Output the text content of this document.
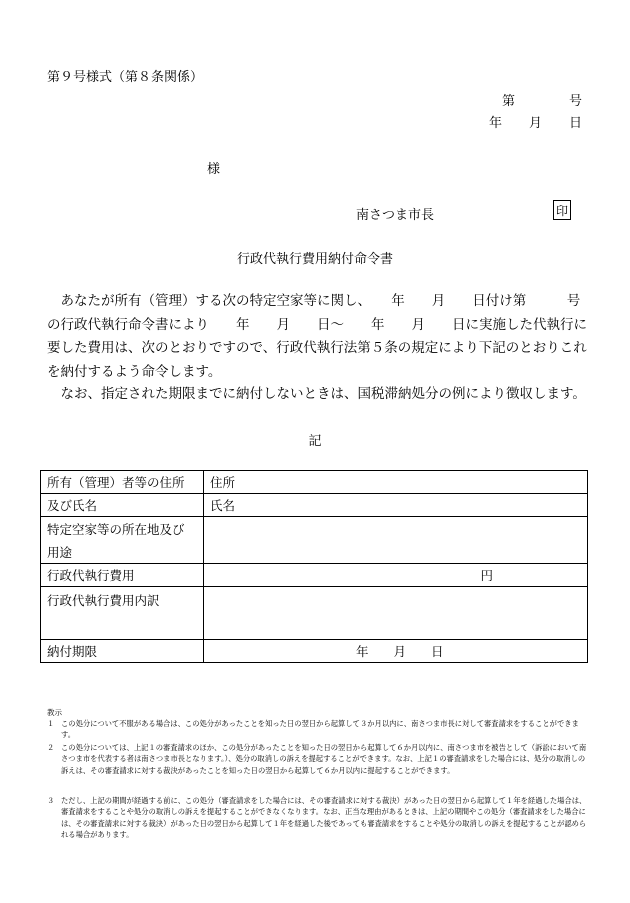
第９号様式（第８条関係）
第	号
年 月 日
様
南さつま市長	印
行政代執行費用納付命令書

　あなたが所有（管理）する次の特定空家等に関し、　　年　　月　　日付け第　　　号の行政代執行命令書により　　年　　月　　日～　　年　　月　　日に実施した代執行に要した費用は、次のとおりですので、行政代執行法第５条の規定により下記のとおりこれを納付するよう命令します。

　なお、指定された期限までに納付しないときは、国税滞納処分の例により徴収します。

記
所有（管理）者等の住所	住所
及び氏名	氏名

特定空家等の所在地及び
用途	

行政代執行費用	円
行政代執行費用内訳	
納付期限	年　　月　　日
教示
１ この処分について不服がある場合は、この処分があったことを知った日の翌日から起算して３か月以内に、南さつま市長に対して審査請求をすることができます。
２ この処分については、上記１の審査請求のほか、この処分があったことを知った日の翌日から起算して６か月以内に、南さつま市を被告として（訴訟において南さつま市を代表する者は南さつま市長となります。）、処分の取消しの訴えを提起することができます。なお、上記１の審査請求をした場合には、処分の取消しの訴えは、その審査請求に対する裁決があったことを知った日の翌日から起算して６か月以内に提起することができます。
３ ただし、上記の期間が経過する前に、この処分（審査請求をした場合には、その審査請求に対する裁決）があった日の翌日から起算して１年を経過した場合は、審査請求をすることや処分の取消しの訴えを提起することができなくなります。なお、正当な理由があるときは、上記の期間やこの処分（審査請求をした場合には、その審査請求に対する裁決）があった日の翌日から起算して１年を経過した後であっても審査請求をすることや処分の取消しの訴えを提起することが認められる場合があります。
